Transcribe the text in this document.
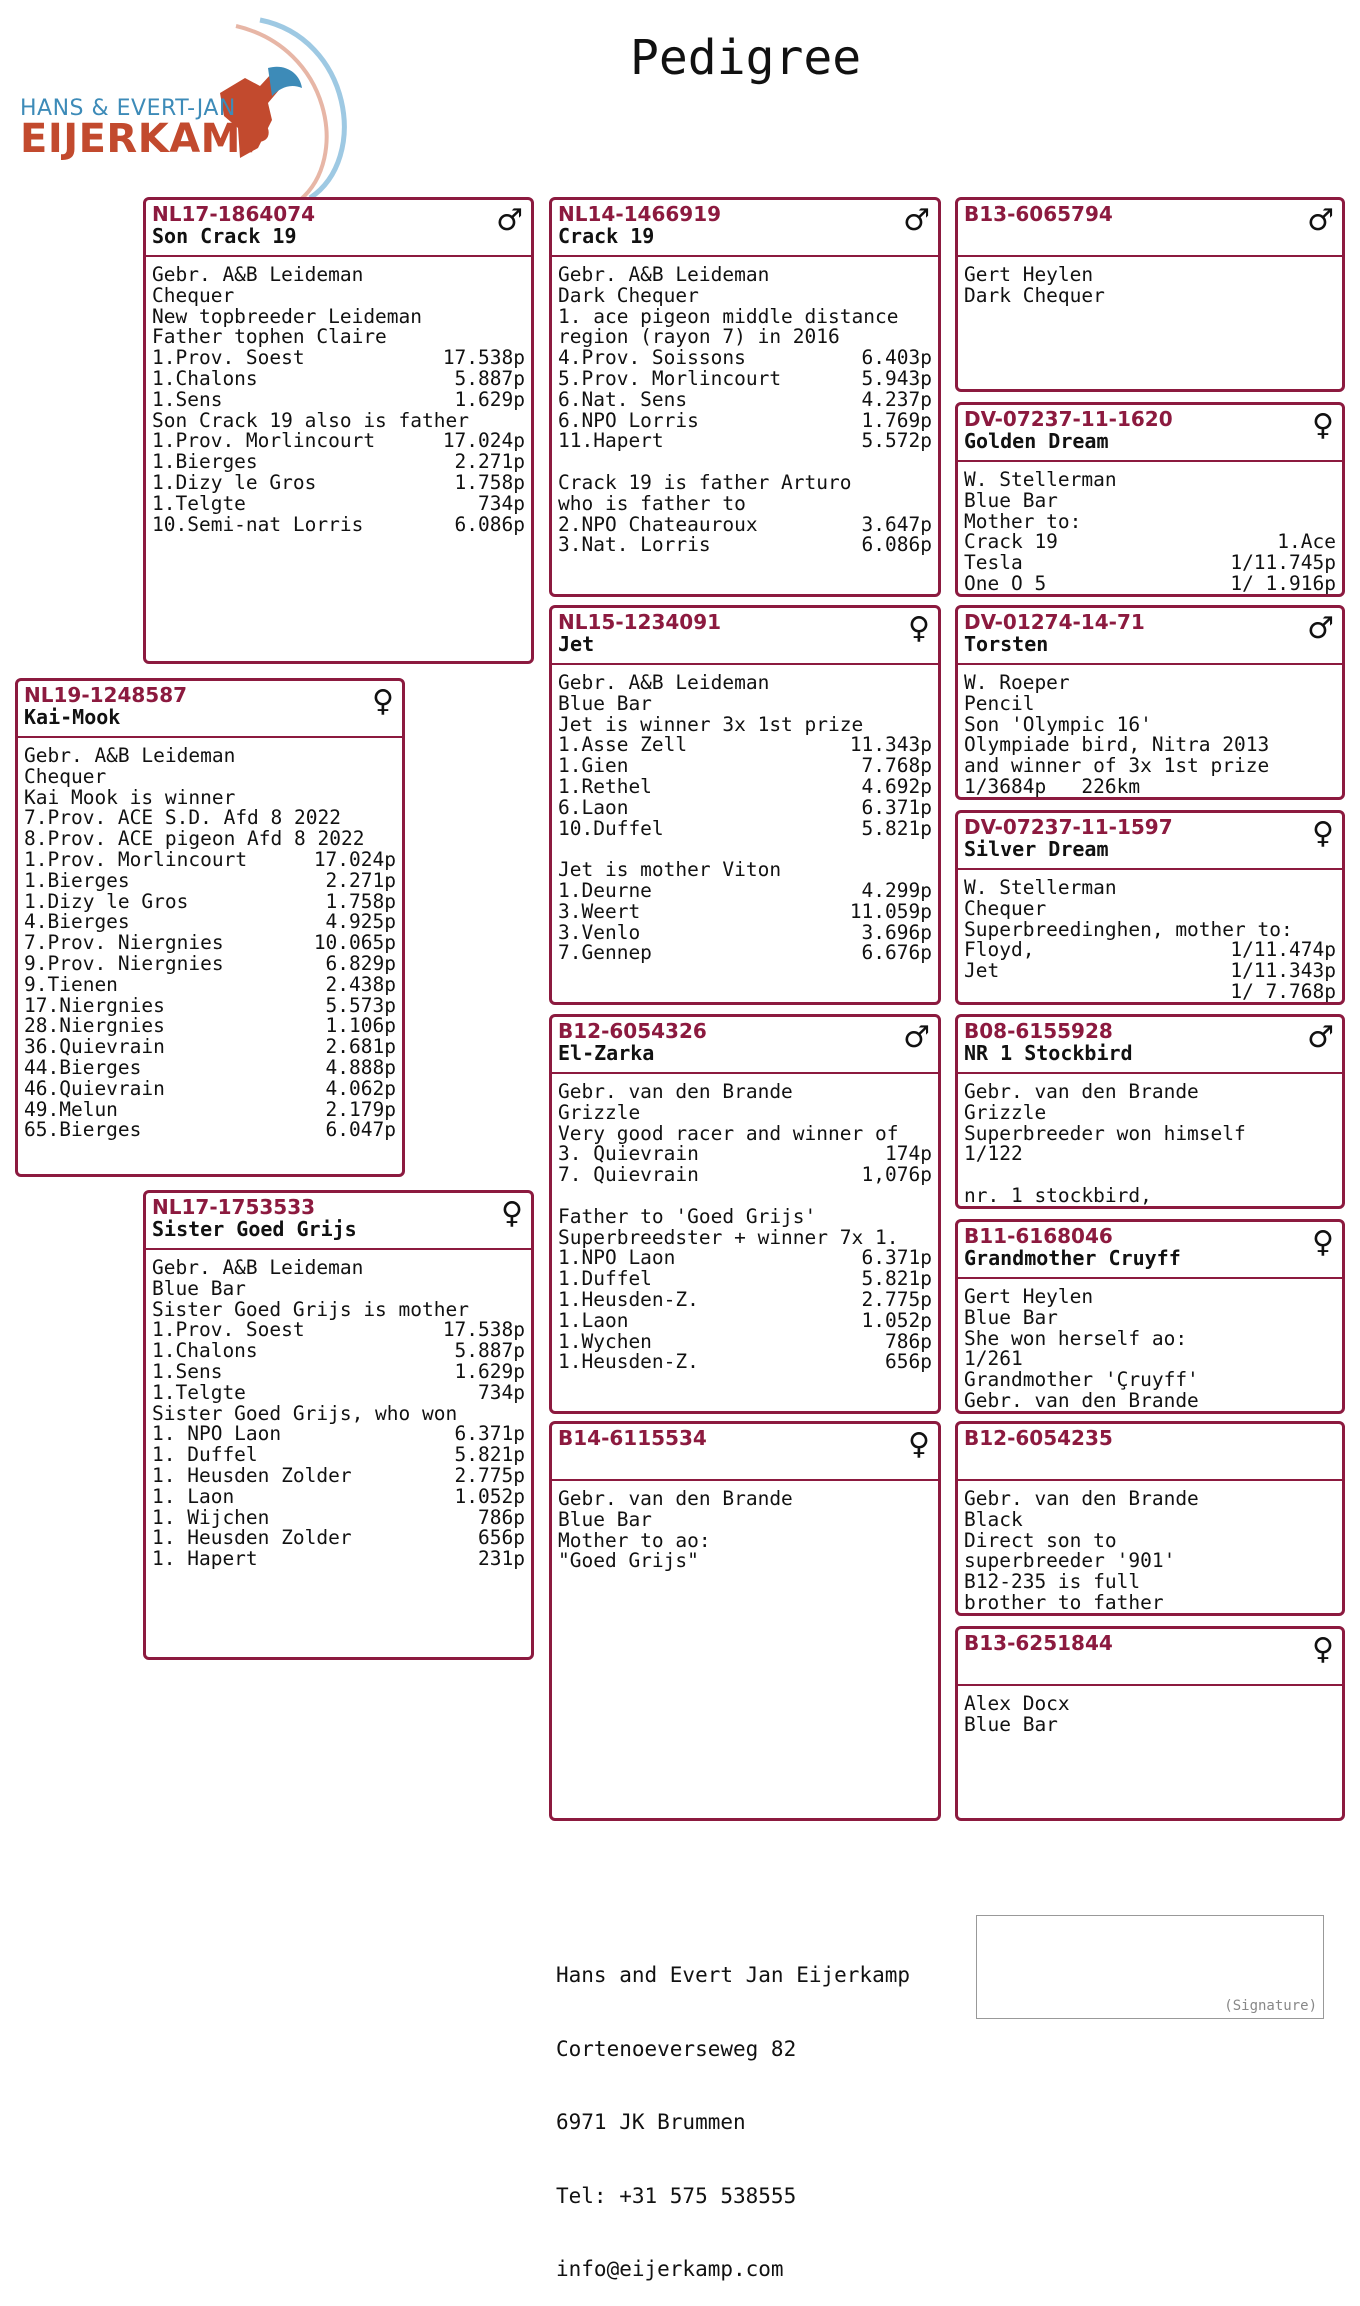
HANS & EVERT-JAN
EIJERKAMP
Pedigree
NL17-1864074
Son Crack 19	♂
Gebr. A&B Leideman
Chequer
New topbreeder Leideman
Father tophen Claire
1.Prov. Soest	17.538p
1.Chalons	5.887p
1.Sens	1.629p
Son Crack 19 also is father
1.Prov. Morlincourt	17.024p
1.Bierges	2.271p
1.Dizy le Gros	1.758p
1.Telgte	734p
10.Semi-nat Lorris	6.086p
NL19-1248587
Kai-Mook	♀
Gebr. A&B Leideman
Chequer
Kai Mook is winner
7.Prov. ACE S.D. Afd 8 2022
8.Prov. ACE pigeon Afd 8 2022
1.Prov. Morlincourt	17.024p
1.Bierges	2.271p
1.Dizy le Gros	1.758p
4.Bierges	4.925p
7.Prov. Niergnies	10.065p
9.Prov. Niergnies	6.829p
9.Tienen	2.438p
17.Niergnies	5.573p
28.Niergnies	1.106p
36.Quievrain	2.681p
44.Bierges	4.888p
46.Quievrain	4.062p
49.Melun	2.179p
65.Bierges	6.047p
NL17-1753533
Sister Goed Grijs	♀
Gebr. A&B Leideman
Blue Bar
Sister Goed Grijs is mother
1.Prov. Soest	17.538p
1.Chalons	5.887p
1.Sens	1.629p
1.Telgte	734p
Sister Goed Grijs, who won
1. NPO Laon	6.371p
1. Duffel	5.821p
1. Heusden Zolder	2.775p
1. Laon	1.052p
1. Wijchen	786p
1. Heusden Zolder	656p
1. Hapert	231p
NL14-1466919
Crack 19	♂
Gebr. A&B Leideman
Dark Chequer
1. ace pigeon middle distance
region (rayon 7) in 2016
4.Prov. Soissons	6.403p
5.Prov. Morlincourt	5.943p
6.Nat. Sens	4.237p
6.NPO Lorris	1.769p
11.Hapert	5.572p
Crack 19 is father Arturo
who is father to
2.NPO Chateauroux	3.647p
3.Nat. Lorris	6.086p
NL15-1234091
Jet	♀
Gebr. A&B Leideman
Blue Bar
Jet is winner 3x 1st prize
1.Asse Zell	11.343p
1.Gien	7.768p
1.Rethel	4.692p
6.Laon	6.371p
10.Duffel	5.821p
Jet is mother Viton
1.Deurne	4.299p
3.Weert	11.059p
3.Venlo	3.696p
7.Gennep	6.676p
B12-6054326
El-Zarka	♂
Gebr. van den Brande
Grizzle
Very good racer and winner of
3. Quievrain	174p
7. Quievrain	1,076p
Father to 'Goed Grijs'
Superbreedster + winner 7x 1.
1.NPO Laon	6.371p
1.Duffel	5.821p
1.Heusden-Z.	2.775p
1.Laon	1.052p
1.Wychen	786p
1.Heusden-Z.	656p
B14-6115534	♀
Gebr. van den Brande
Blue Bar
Mother to ao:
"Goed Grijs"
B13-6065794	♂
Gert Heylen
Dark Chequer
DV-07237-11-1620
Golden Dream	♀
W. Stellerman
Blue Bar
Mother to:
Crack 19	1.Ace
Tesla	1/11.745p
One O 5	1/ 1.916p
DV-01274-14-71
Torsten	♂
W. Roeper
Pencil
Son 'Olympic 16'
Olympiade bird, Nitra 2013
and winner of 3x 1st prize
1/3684p   226km
DV-07237-11-1597
Silver Dream	♀
W. Stellerman
Chequer
Superbreedinghen, mother to:
Floyd,	1/11.474p
Jet	1/11.343p
1/ 7.768p
B08-6155928
NR 1 Stockbird	♂
Gebr. van den Brande
Grizzle
Superbreeder won himself
1/122
nr. 1 stockbird,
B11-6168046
Grandmother Cruyff	♀
Gert Heylen
Blue Bar
She won herself ao:
1/261
Grandmother 'Çruyff'
Gebr. van den Brande
B12-6054235
Gebr. van den Brande
Black
Direct son to
superbreeder '901'
B12-235 is full
brother to father
B13-6251844	♀
Alex Docx
Blue Bar

Hans and Evert Jan Eijerkamp

Cortenoeverseweg 82

6971 JK Brummen

Tel: +31 575 538555

info@eijerkamp.com

(Signature)
